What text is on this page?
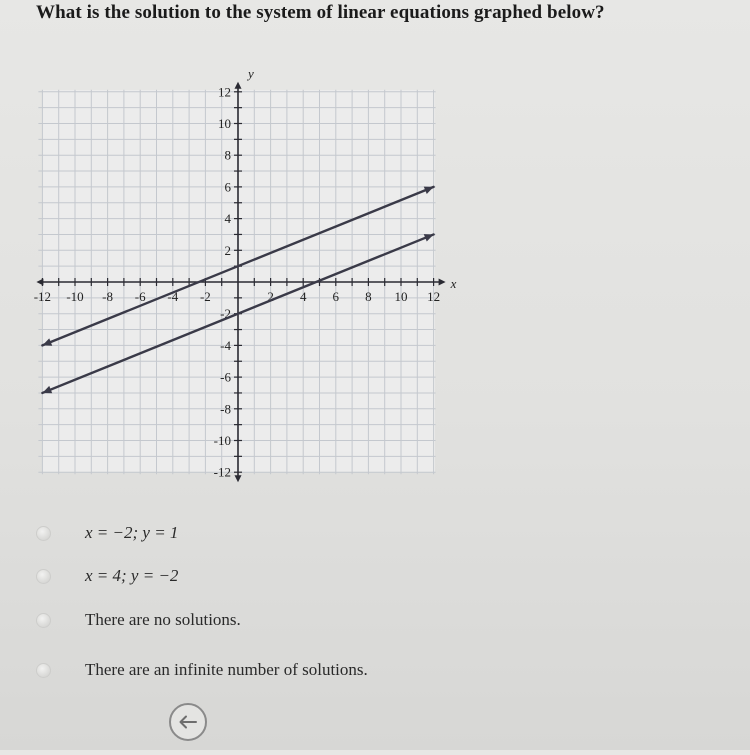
What is the solution to the system of linear equations graphed below?
-12 -10 -8 -6 -4 -2	2 4 6 8 10 12
12
10
8
6
4
2
-2
-4
-6
-8
-10
-12
x
y
x = −2; y = 1
x = 4; y = −2
There are no solutions.
There are an infinite number of solutions.
